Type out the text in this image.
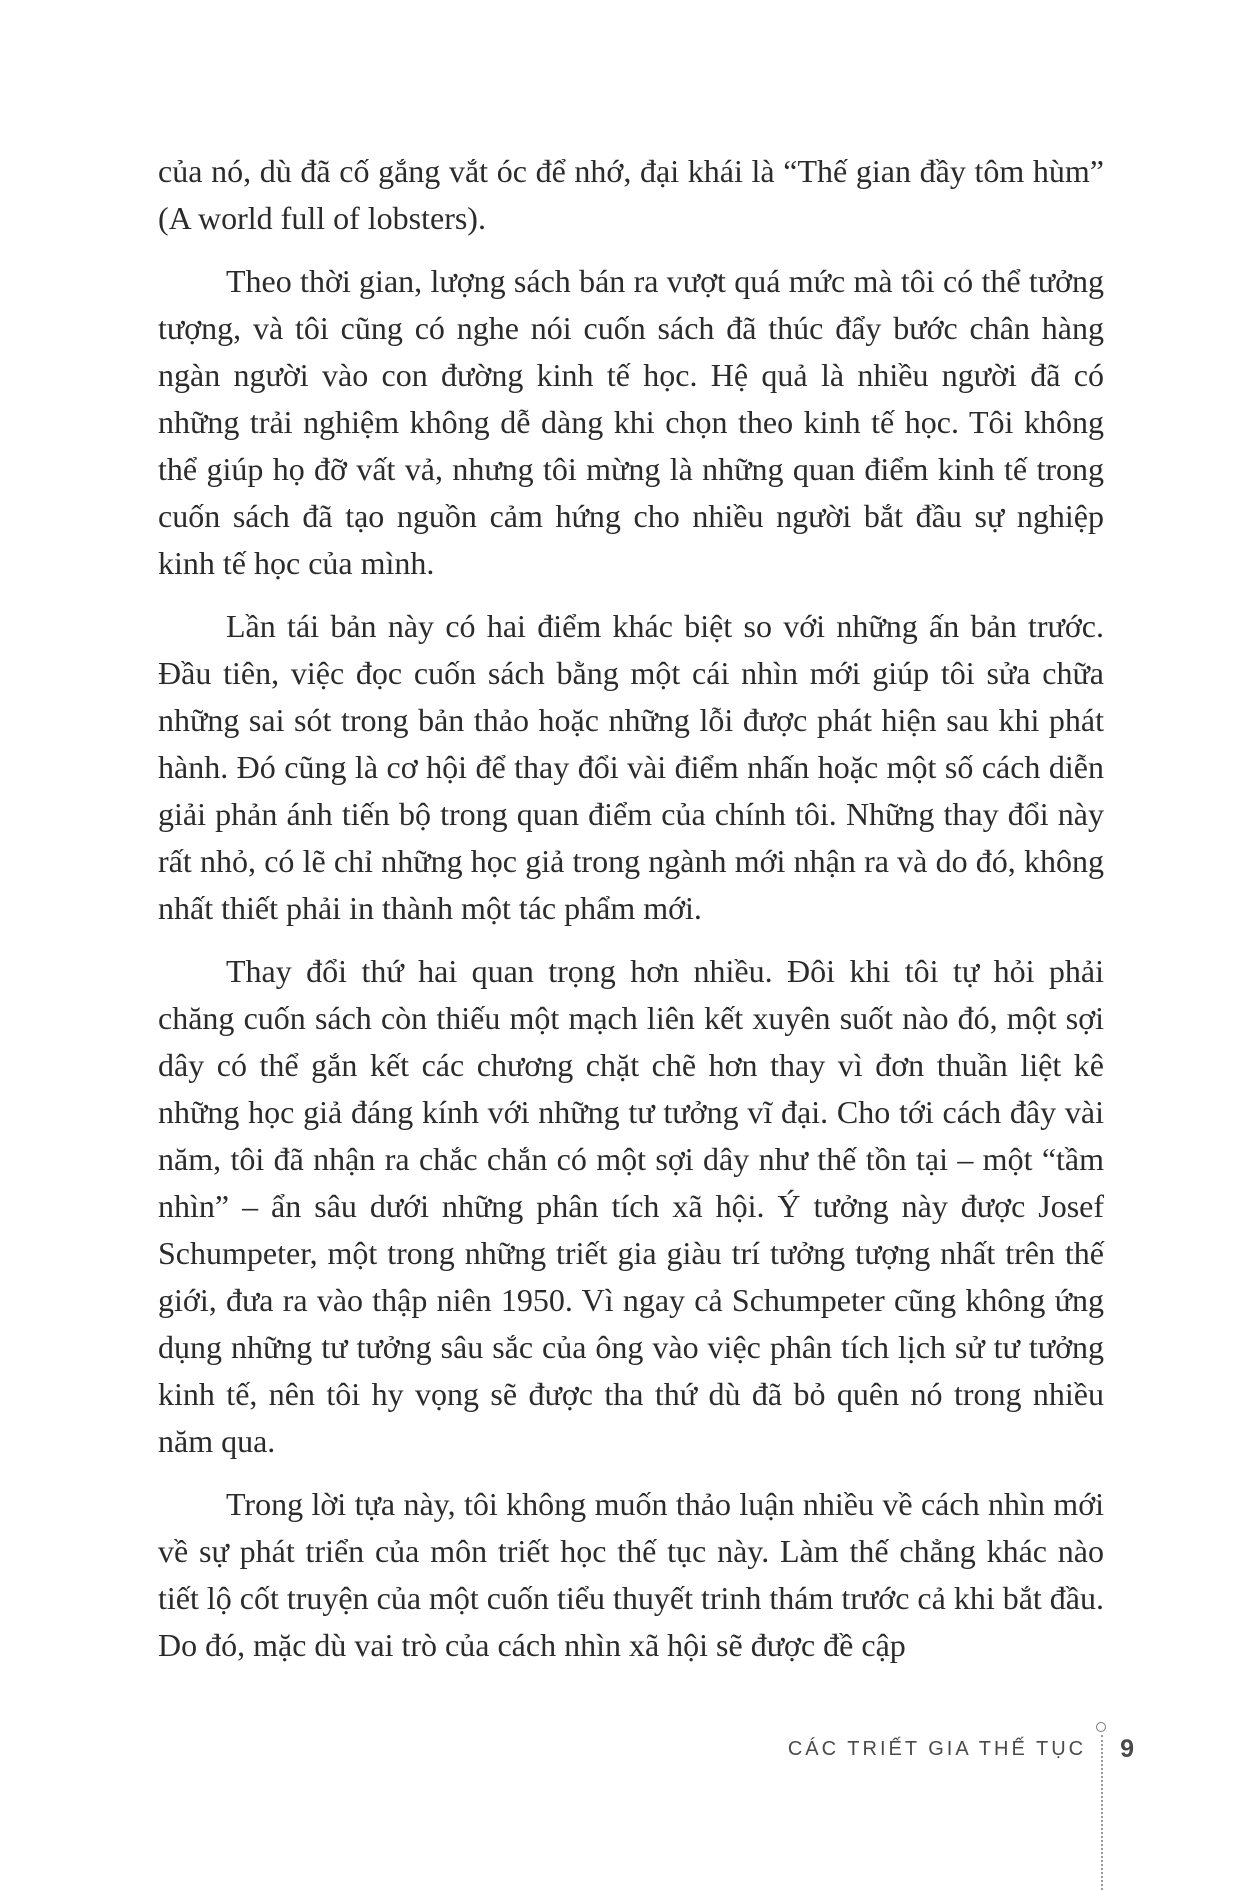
của nó, dù đã cố gắng vắt óc để nhớ, đại khái là “Thế gian đầy tôm hùm” (A world full of lobsters).

Theo thời gian, lượng sách bán ra vượt quá mức mà tôi có thể tưởng tượng, và tôi cũng có nghe nói cuốn sách đã thúc đẩy bước chân hàng ngàn người vào con đường kinh tế học. Hệ quả là nhiều người đã có những trải nghiệm không dễ dàng khi chọn theo kinh tế học. Tôi không thể giúp họ đỡ vất vả, nhưng tôi mừng là những quan điểm kinh tế trong cuốn sách đã tạo nguồn cảm hứng cho nhiều người bắt đầu sự nghiệp kinh tế học của mình.

Lần tái bản này có hai điểm khác biệt so với những ấn bản trước. Đầu tiên, việc đọc cuốn sách bằng một cái nhìn mới giúp tôi sửa chữa những sai sót trong bản thảo hoặc những lỗi được phát hiện sau khi phát hành. Đó cũng là cơ hội để thay đổi vài điểm nhấn hoặc một số cách diễn giải phản ánh tiến bộ trong quan điểm của chính tôi. Những thay đổi này rất nhỏ, có lẽ chỉ những học giả trong ngành mới nhận ra và do đó, không nhất thiết phải in thành một tác phẩm mới.

Thay đổi thứ hai quan trọng hơn nhiều. Đôi khi tôi tự hỏi phải chăng cuốn sách còn thiếu một mạch liên kết xuyên suốt nào đó, một sợi dây có thể gắn kết các chương chặt chẽ hơn thay vì đơn thuần liệt kê những học giả đáng kính với những tư tưởng vĩ đại. Cho tới cách đây vài năm, tôi đã nhận ra chắc chắn có một sợi dây như thế tồn tại – một “tầm nhìn” – ẩn sâu dưới những phân tích xã hội. Ý tưởng này được Josef Schumpeter, một trong những triết gia giàu trí tưởng tượng nhất trên thế giới, đưa ra vào thập niên 1950. Vì ngay cả Schumpeter cũng không ứng dụng những tư tưởng sâu sắc của ông vào việc phân tích lịch sử tư tưởng kinh tế, nên tôi hy vọng sẽ được tha thứ dù đã bỏ quên nó trong nhiều năm qua.

Trong lời tựa này, tôi không muốn thảo luận nhiều về cách nhìn mới về sự phát triển của môn triết học thế tục này. Làm thế chẳng khác nào tiết lộ cốt truyện của một cuốn tiểu thuyết trinh thám trước cả khi bắt đầu. Do đó, mặc dù vai trò của cách nhìn xã hội sẽ được đề cập

CÁC TRIẾT GIA THẾ TỤC 9
